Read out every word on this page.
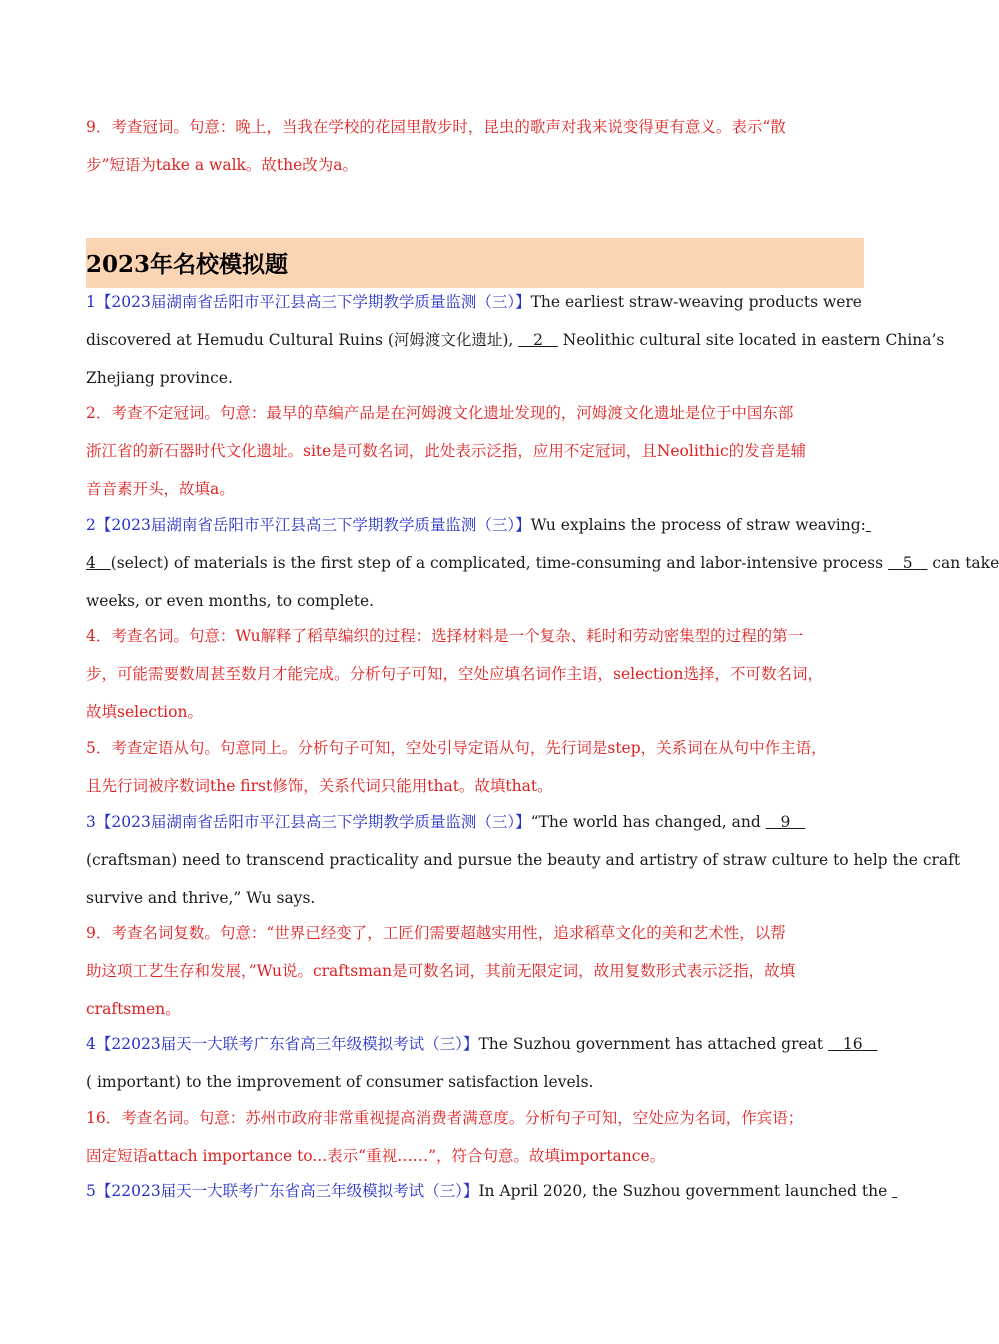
9．考查冠词。句意：晚上，当我在学校的花园里散步时，昆虫的歌声对我来说变得更有意义。表示“散
步”短语为take a walk。故the改为a。
2023年名校模拟题
1【2023届湖南省岳阳市平江县高三下学期教学质量监测（三）】The earliest straw-weaving products were
discovered at Hemudu Cultural Ruins (河姆渡文化遗址), 2 Neolithic cultural site located in eastern China’s
Zhejiang province.
2．考查不定冠词。句意：最早的草编产品是在河姆渡文化遗址发现的，河姆渡文化遗址是位于中国东部
浙江省的新石器时代文化遗址。site是可数名词，此处表示泛指，应用不定冠词，且Neolithic的发音是辅
音音素开头，故填a。
2【2023届湖南省岳阳市平江县高三下学期教学质量监测（三）】Wu explains the process of straw weaving:
4 (select) of materials is the first step of a complicated, time-consuming and labor-intensive process 5 can take
weeks, or even months, to complete.
4．考查名词。句意：Wu解释了稻草编织的过程：选择材料是一个复杂、耗时和劳动密集型的过程的第一
步，可能需要数周甚至数月才能完成。分析句子可知，空处应填名词作主语，selection选择，不可数名词，
故填selection。
5．考查定语从句。句意同上。分析句子可知，空处引导定语从句，先行词是step，关系词在从句中作主语，
且先行词被序数词the first修饰，关系代词只能用that。故填that。
3【2023届湖南省岳阳市平江县高三下学期教学质量监测（三）】“The world has changed, and 9
(craftsman) need to transcend practicality and pursue the beauty and artistry of straw culture to help the craft
survive and thrive,” Wu says.
9．考查名词复数。句意：“世界已经变了，工匠们需要超越实用性，追求稻草文化的美和艺术性，以帮
助这项工艺生存和发展，”Wu说。craftsman是可数名词，其前无限定词，故用复数形式表示泛指，故填
craftsmen。
4【22023届天一大联考广东省高三年级模拟考试（三）】The Suzhou government has attached great 16
( important) to the improvement of consumer satisfaction levels.
16．考查名词。句意：苏州市政府非常重视提高消费者满意度。分析句子可知，空处应为名词，作宾语；
固定短语attach importance to...表示“重视……”，符合句意。故填importance。
5【22023届天一大联考广东省高三年级模拟考试（三）】In April 2020, the Suzhou government launched the
